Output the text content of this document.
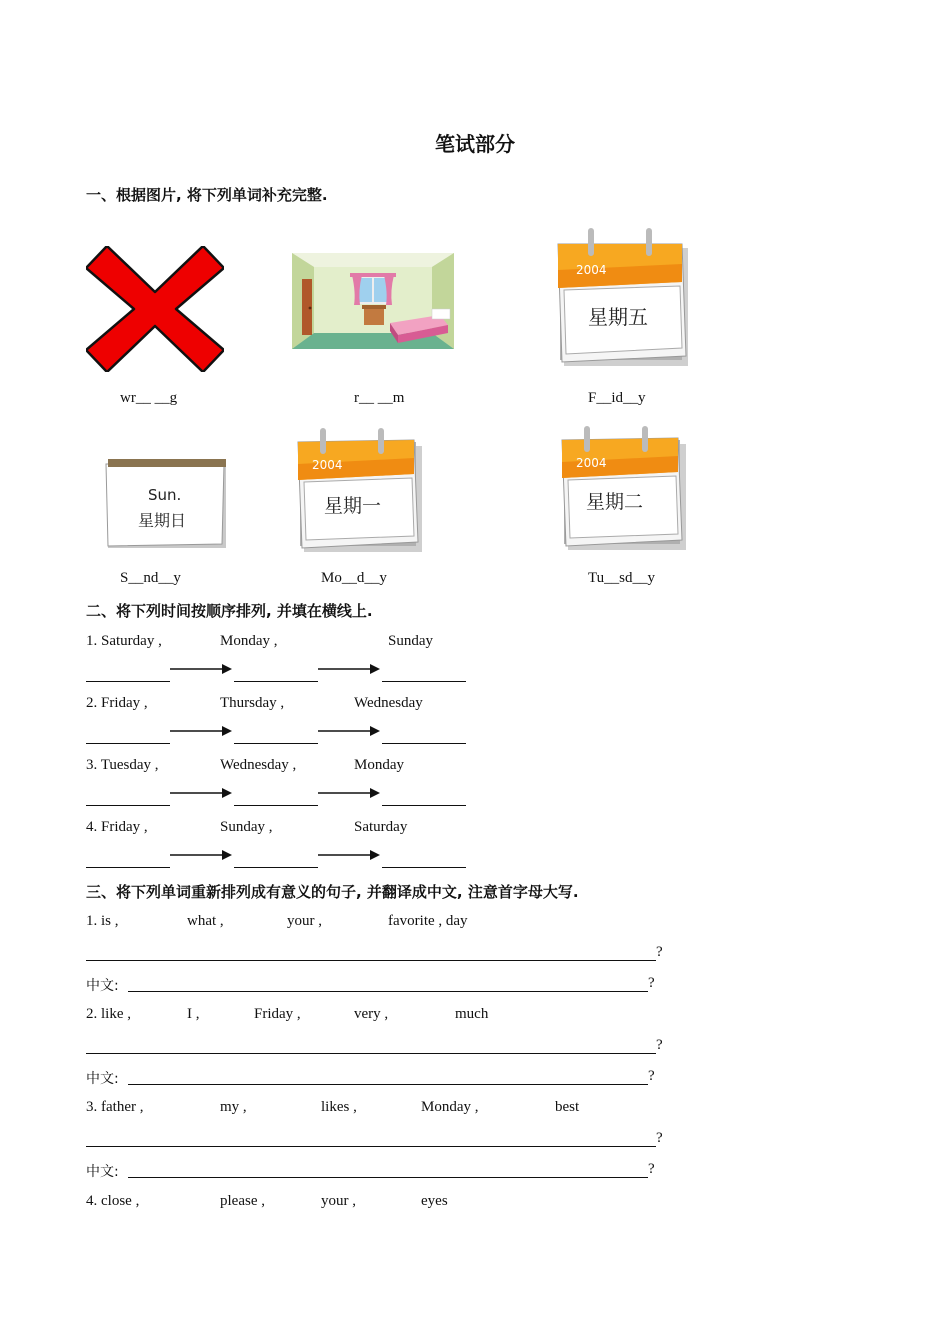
笔试部分
一、根据图片, 将下列单词补充完整.
2004
星期五
wr__ __g	r__ __m	F__id__y
Sun.
星期日
2004
星期一
2004
星期二
S__nd__y	Mo__d__y	Tu__sd__y
二、将下列时间按顺序排列, 并填在横线上.
1. Saturday ,	Monday ,	Sunday
2. Friday ,	Thursday ,	Wednesday
3. Tuesday ,	Wednesday ,	Monday
4. Friday ,	Sunday ,	Saturday
三、将下列单词重新排列成有意义的句子, 并翻译成中文, 注意首字母大写.
1. is ,	what ,	your ,	favorite , day
?
中文:	?
2. like ,	I ,	Friday ,	very ,	much
?
中文:	?
3. father ,	my ,	likes ,	Monday ,	best
?
中文:	?
4. close ,	please ,	your ,	eyes
